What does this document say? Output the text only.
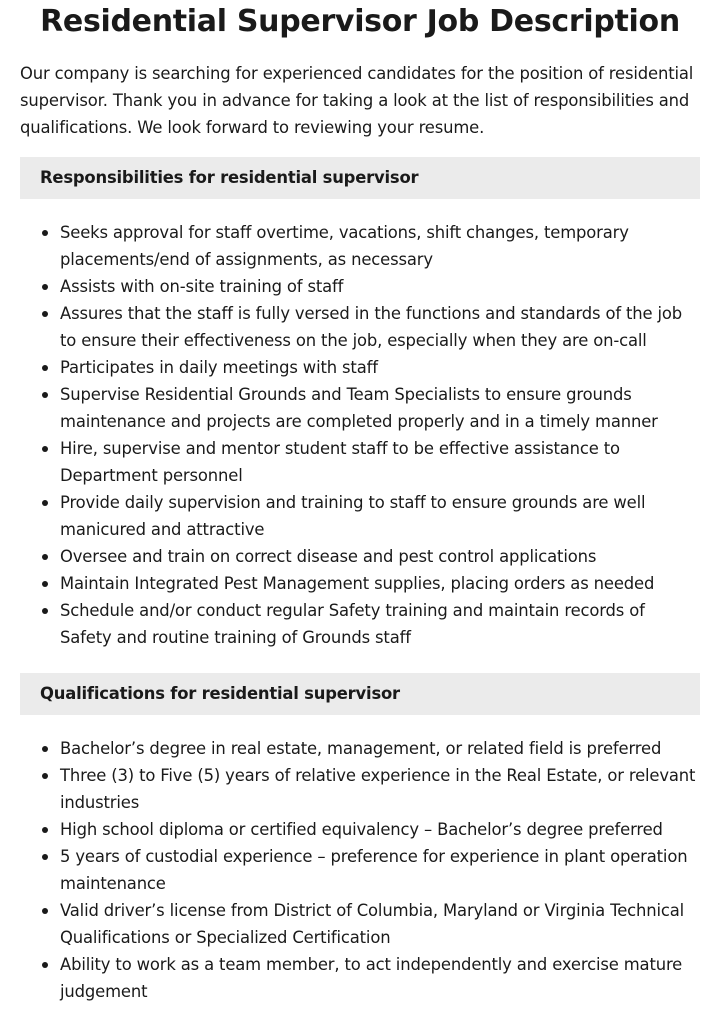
Residential Supervisor Job Description

Our company is searching for experienced candidates for the position of residential supervisor. Thank you in advance for taking a look at the list of responsibilities and qualifications. We look forward to reviewing your resume.

Responsibilities for residential supervisor
Seeks approval for staff overtime, vacations, shift changes, temporary placements/end of assignments, as necessary
Assists with on-site training of staff
Assures that the staff is fully versed in the functions and standards of the job to ensure their effectiveness on the job, especially when they are on-call
Participates in daily meetings with staff
Supervise Residential Grounds and Team Specialists to ensure grounds maintenance and projects are completed properly and in a timely manner
Hire, supervise and mentor student staff to be effective assistance to Department personnel
Provide daily supervision and training to staff to ensure grounds are well manicured and attractive
Oversee and train on correct disease and pest control applications
Maintain Integrated Pest Management supplies, placing orders as needed
Schedule and/or conduct regular Safety training and maintain records of Safety and routine training of Grounds staff
Qualifications for residential supervisor
Bachelor’s degree in real estate, management, or related field is preferred
Three (3) to Five (5) years of relative experience in the Real Estate, or relevant industries
High school diploma or certified equivalency – Bachelor’s degree preferred
5 years of custodial experience – preference for experience in plant operation maintenance
Valid driver’s license from District of Columbia, Maryland or Virginia Technical Qualifications or Specialized Certification
Ability to work as a team member, to act independently and exercise mature judgement
